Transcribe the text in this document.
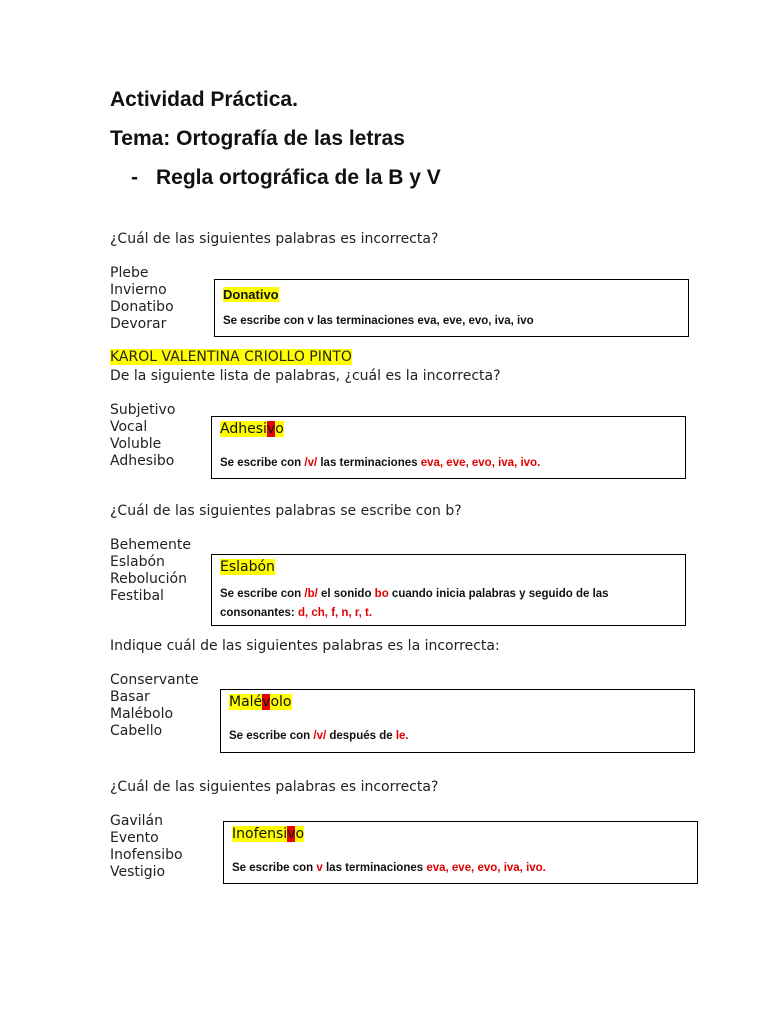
Actividad Práctica.
Tema: Ortografía de las letras
- Regla ortográfica de la B y V

¿Cuál de las siguientes palabras es incorrecta?

Plebe
Invierno
Donatibo
Devorar
Donativo
Se escribe con v las terminaciones eva, eve, evo, iva, ivo
KAROL VALENTINA CRIOLLO PINTO

De la siguiente lista de palabras, ¿cuál es la incorrecta?

Subjetivo
Vocal
Voluble
Adhesibo
Adhesivo
Se escribe con /v/ las terminaciones eva, eve, evo, iva, ivo.

¿Cuál de las siguientes palabras se escribe con b?

Behemente
Eslabón
Rebolución
Festibal
Eslabón
Se escribe con /b/ el sonido bo cuando inicia palabras y seguido de las
consonantes: d, ch, f, n, r, t.

Indique cuál de las siguientes palabras es la incorrecta:

Conservante
Basar
Malébolo
Cabello
Malévolo
Se escribe con /v/ después de le.

¿Cuál de las siguientes palabras es incorrecta?

Gavilán
Evento
Inofensibo
Vestigio
Inofensivo
Se escribe con v las terminaciones eva, eve, evo, iva, ivo.
